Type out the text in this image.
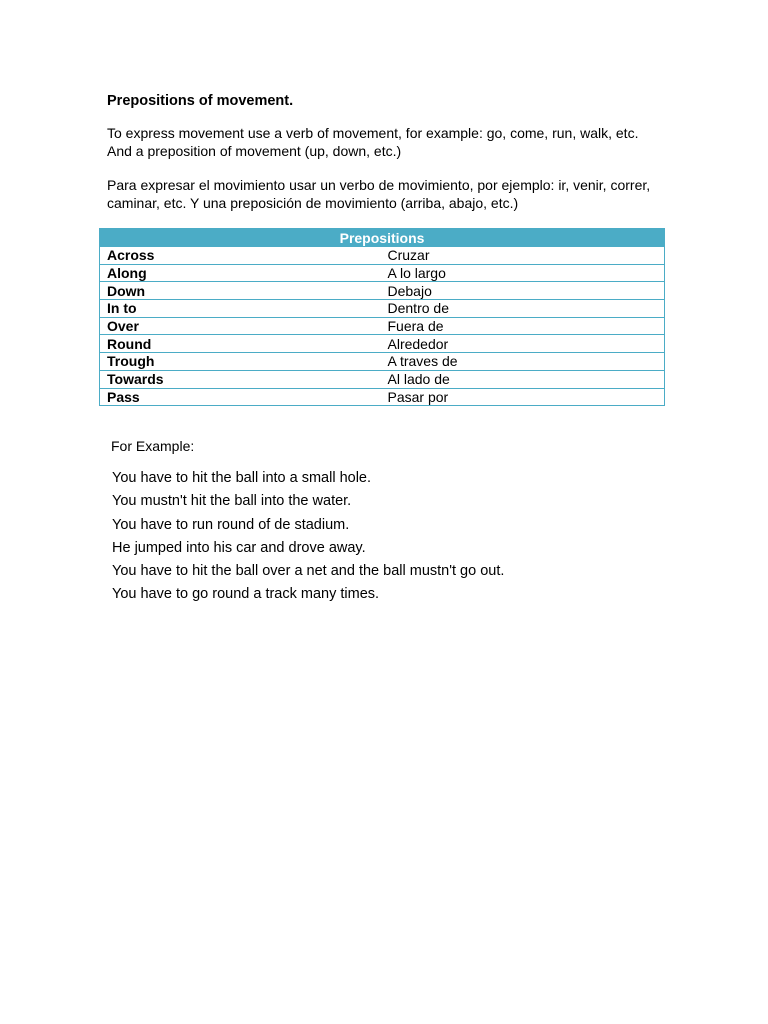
Prepositions of movement.
To express movement use a verb of movement, for example: go, come, run, walk, etc.
And a preposition of movement (up, down, etc.)
Para expresar el movimiento usar un verbo de movimiento, por ejemplo: ir, venir, correr,
caminar, etc. Y una preposición de movimiento (arriba, abajo, etc.)
Prepositions	
Across	Cruzar
Along	A lo largo
Down	Debajo
In to	Dentro de
Over	Fuera de
Round	Alrededor
Trough	A traves de
Towards	Al lado de
Pass	Pasar por
For Example:
You have to hit the ball into a small hole.
You mustn't hit the ball into the water.
You have to run round of de stadium.
He jumped into his car and drove away.
You have to hit the ball over a net and the ball mustn't go out.
You have to go round a track many times.
